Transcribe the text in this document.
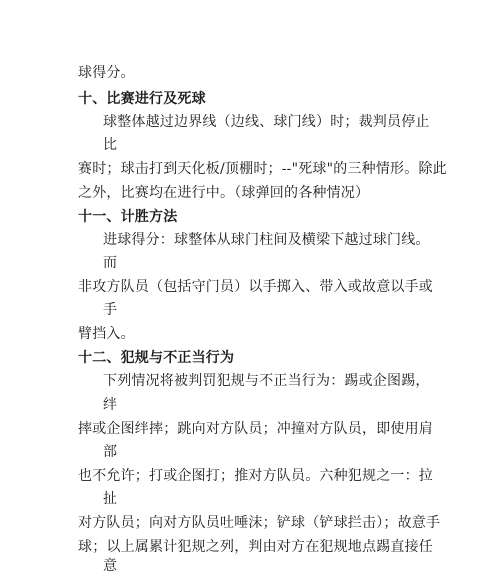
球得分。
十、比赛进行及死球
球整体越过边界线（边线、球门线）时；裁判员停止
比
赛时；球击打到天化板/顶棚时；--"死球"的三种情形。除此
之外，比赛均在进行中。（球弹回的各种情况）
十一、计胜方法
进球得分：球整体从球门柱间及横梁下越过球门线。
而
非攻方队员（包括守门员）以手掷入、带入或故意以手或
手
臂挡入。
十二、犯规与不正当行为
下列情况将被判罚犯规与不正当行为：踢或企图踢，
绊
摔或企图绊摔；跳向对方队员；冲撞对方队员，即使用肩
部
也不允许；打或企图打；推对方队员。六种犯规之一：拉
扯
对方队员；向对方队员吐唾沫；铲球（铲球拦击）；故意手
球；以上属累计犯规之列，判由对方在犯规地点踢直接任
意
